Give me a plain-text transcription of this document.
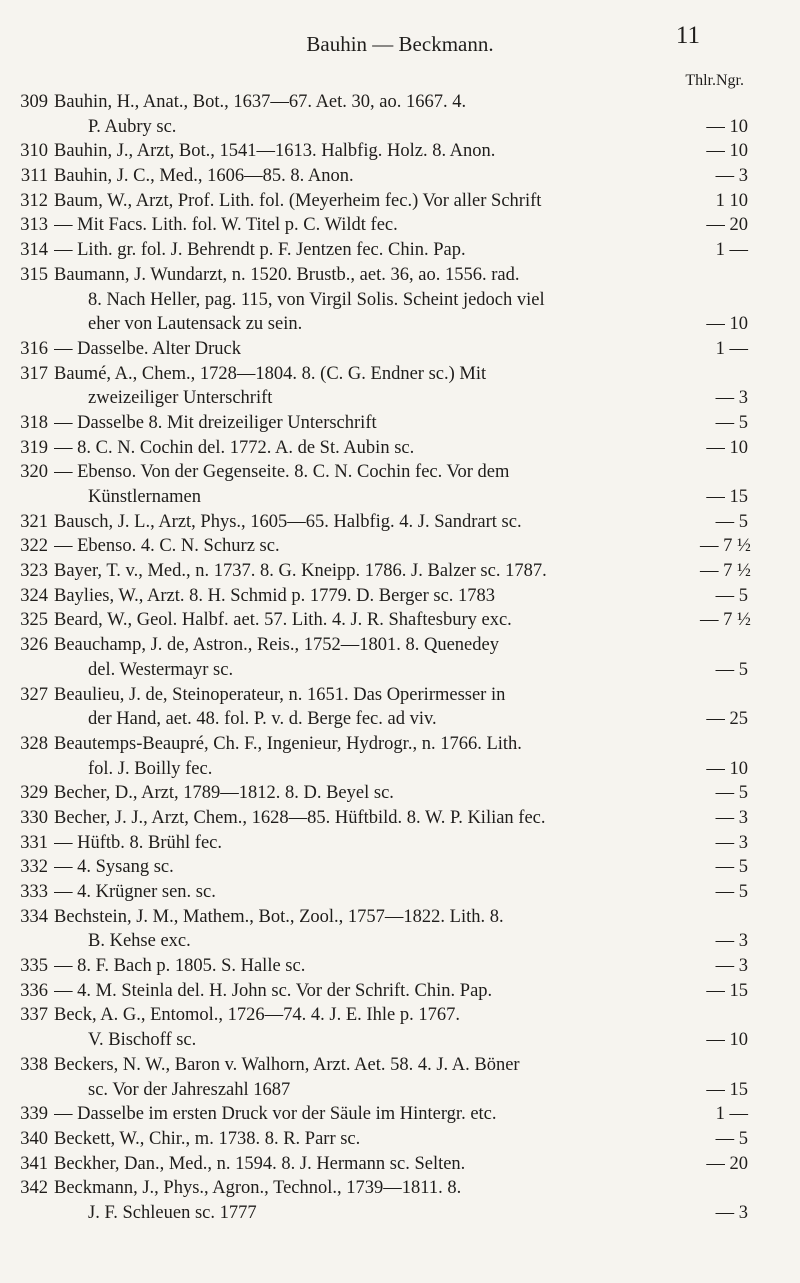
Bauhin — Beckmann.	11
Thlr.Ngr.
309 Bauhin, H., Anat., Bot., 1637—67. Aet. 30, ao. 1667. 4.
P. Aubry sc.	— 10
310 Bauhin, J., Arzt, Bot., 1541—1613. Halbfig. Holz. 8. Anon.	— 10
311 Bauhin, J. C., Med., 1606—85. 8. Anon.	— 3
312 Baum, W., Arzt, Prof. Lith. fol. (Meyerheim fec.) Vor aller Schrift	1 10
313 — Mit Facs. Lith. fol. W. Titel p. C. Wildt fec.	— 20
314 — Lith. gr. fol. J. Behrendt p. F. Jentzen fec. Chin. Pap.	1 —
315 Baumann, J. Wundarzt, n. 1520. Brustb., aet. 36, ao. 1556. rad.
8. Nach Heller, pag. 115, von Virgil Solis. Scheint jedoch viel
eher von Lautensack zu sein.	— 10
316 — Dasselbe. Alter Druck	1 —
317 Baumé, A., Chem., 1728—1804. 8. (C. G. Endner sc.) Mit
zweizeiliger Unterschrift	— 3
318 — Dasselbe 8. Mit dreizeiliger Unterschrift	— 5
319 — 8. C. N. Cochin del. 1772. A. de St. Aubin sc.	— 10
320 — Ebenso. Von der Gegenseite. 8. C. N. Cochin fec. Vor dem
Künstlernamen	— 15
321 Bausch, J. L., Arzt, Phys., 1605—65. Halbfig. 4. J. Sandrart sc.	— 5
322 — Ebenso. 4. C. N. Schurz sc.	— 7 ½
323 Bayer, T. v., Med., n. 1737. 8. G. Kneipp. 1786. J. Balzer sc. 1787.	— 7 ½
324 Baylies, W., Arzt. 8. H. Schmid p. 1779. D. Berger sc. 1783	— 5
325 Beard, W., Geol. Halbf. aet. 57. Lith. 4. J. R. Shaftesbury exc.	— 7 ½
326 Beauchamp, J. de, Astron., Reis., 1752—1801. 8. Quenedey
del. Westermayr sc.	— 5
327 Beaulieu, J. de, Steinoperateur, n. 1651. Das Operirmesser in
der Hand, aet. 48. fol. P. v. d. Berge fec. ad viv.	— 25
328 Beautemps-Beaupré, Ch. F., Ingenieur, Hydrogr., n. 1766. Lith.
fol. J. Boilly fec.	— 10
329 Becher, D., Arzt, 1789—1812. 8. D. Beyel sc.	— 5
330 Becher, J. J., Arzt, Chem., 1628—85. Hüftbild. 8. W. P. Kilian fec.	— 3
331 — Hüftb. 8. Brühl fec.	— 3
332 — 4. Sysang sc.	— 5
333 — 4. Krügner sen. sc.	— 5
334 Bechstein, J. M., Mathem., Bot., Zool., 1757—1822. Lith. 8.
B. Kehse exc.	— 3
335 — 8. F. Bach p. 1805. S. Halle sc.	— 3
336 — 4. M. Steinla del. H. John sc. Vor der Schrift. Chin. Pap.	— 15
337 Beck, A. G., Entomol., 1726—74. 4. J. E. Ihle p. 1767.
V. Bischoff sc.	— 10
338 Beckers, N. W., Baron v. Walhorn, Arzt. Aet. 58. 4. J. A. Böner
sc. Vor der Jahreszahl 1687	— 15
339 — Dasselbe im ersten Druck vor der Säule im Hintergr. etc.	1 —
340 Beckett, W., Chir., m. 1738. 8. R. Parr sc.	— 5
341 Beckher, Dan., Med., n. 1594. 8. J. Hermann sc. Selten.	— 20
342 Beckmann, J., Phys., Agron., Technol., 1739—1811. 8.
J. F. Schleuen sc. 1777	— 3
